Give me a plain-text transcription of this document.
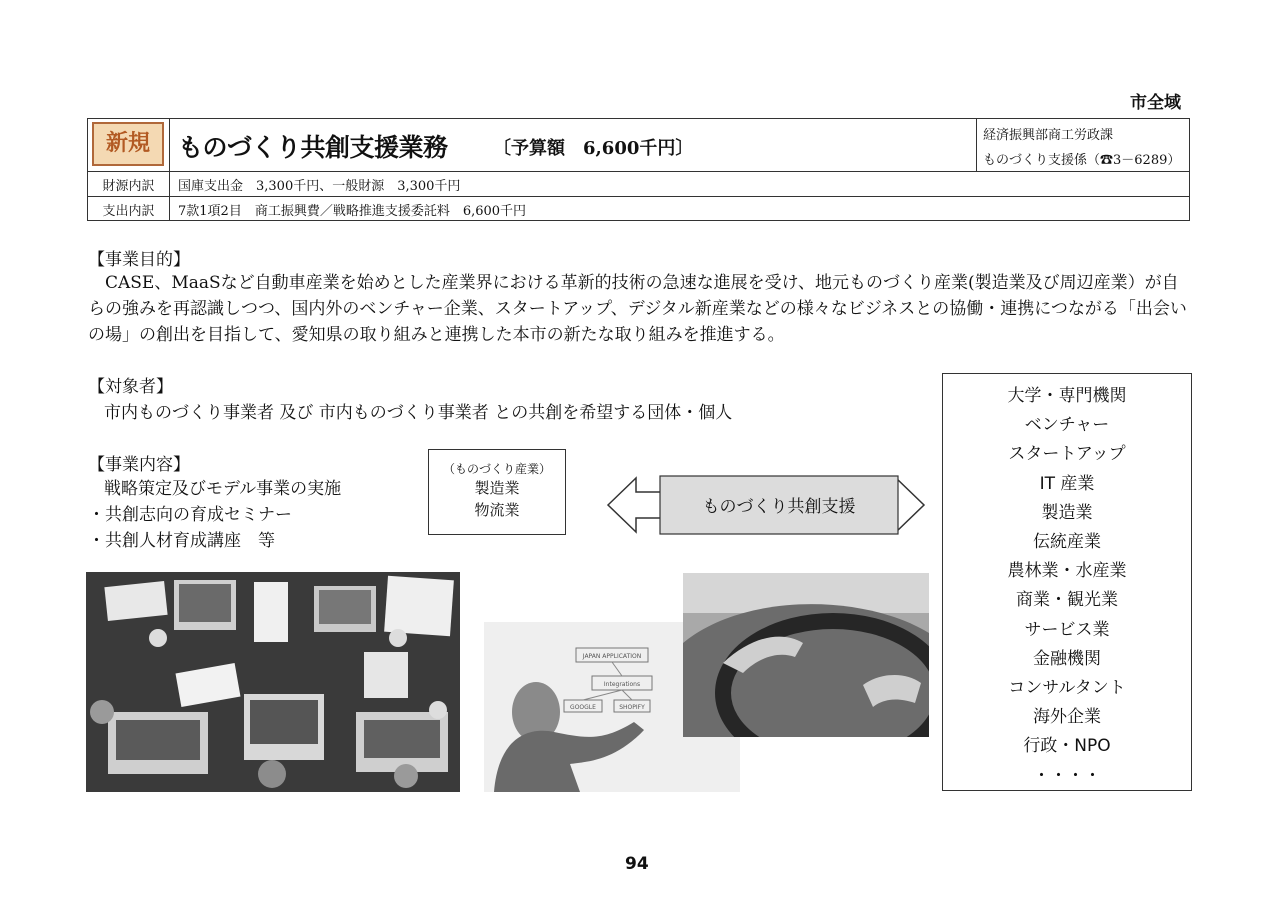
市全域
新規	ものづくり共創支援業務	〔予算額　6,600千円〕
経済振興部商工労政課
ものづくり支援係（☎3－6289）
財源内訳	国庫支出金　3,300千円、一般財源　3,300千円
支出内訳	7款1項2目　商工振興費／戦略推進支援委託料　6,600千円
【事業目的】
　CASE、MaaSなど自動車産業を始めとした産業界における革新的技術の急速な進展を受け、地元ものづくり産業(製造業及び周辺産業）が自らの強みを再認識しつつ、国内外のベンチャー企業、スタートアップ、デジタル新産業などの様々なビジネスとの協働・連携につながる「出会いの場」の創出を目指して、愛知県の取り組みと連携した本市の新たな取り組みを推進する。
【対象者】
市内ものづくり事業者 及び 市内ものづくり事業者 との共創を希望する団体・個人
【事業内容】
戦略策定及びモデル事業の実施
・共創志向の育成セミナー
・共創人材育成講座　等
（ものづくり産業）
製造業
物流業	ものづくり共創支援
大学・専門機関
ベンチャー
スタートアップ
IT 産業
製造業
伝統産業
農林業・水産業
商業・観光業
サービス業
金融機関
コンサルタント
海外企業
行政・NPO
・・・・
JAPAN APPLICATION
Integrations
GOOGLE	SHOPIFY
94
